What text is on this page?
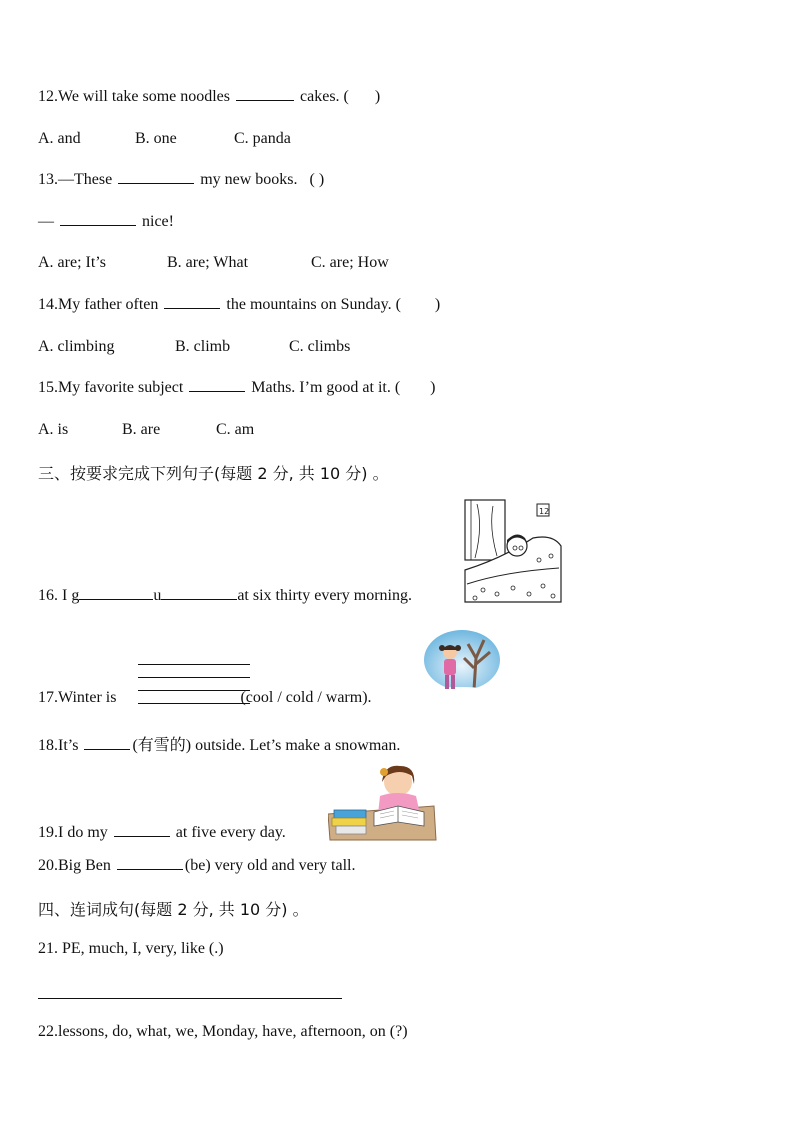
12.We will take some noodles	cakes. ( )
A. and	B. one	C. panda
13.—These	my new books. ( )
—	nice!
A. are; It’s	B. are; What	C. are; How
14.My father often	the mountains on Sunday. ( )
A. climbing	B. climb	C. climbs
15.My favorite subject	Maths. I’m good at it. ( )
A. is	B. are	C. am
三、按要求完成下列句子(每题 2 分, 共 10 分) 。
12
16. I g	u	at six thirty every morning.
17.Winter is	(cool / cold / warm).
18.It’s	(有雪的) outside. Let’s make a snowman.
19.I do my	at five every day.
20.Big Ben	(be) very old and very tall.
四、连词成句(每题 2 分, 共 10 分) 。
21. PE, much, I, very, like (.)
22.lessons, do, what, we, Monday, have, afternoon, on (?)
